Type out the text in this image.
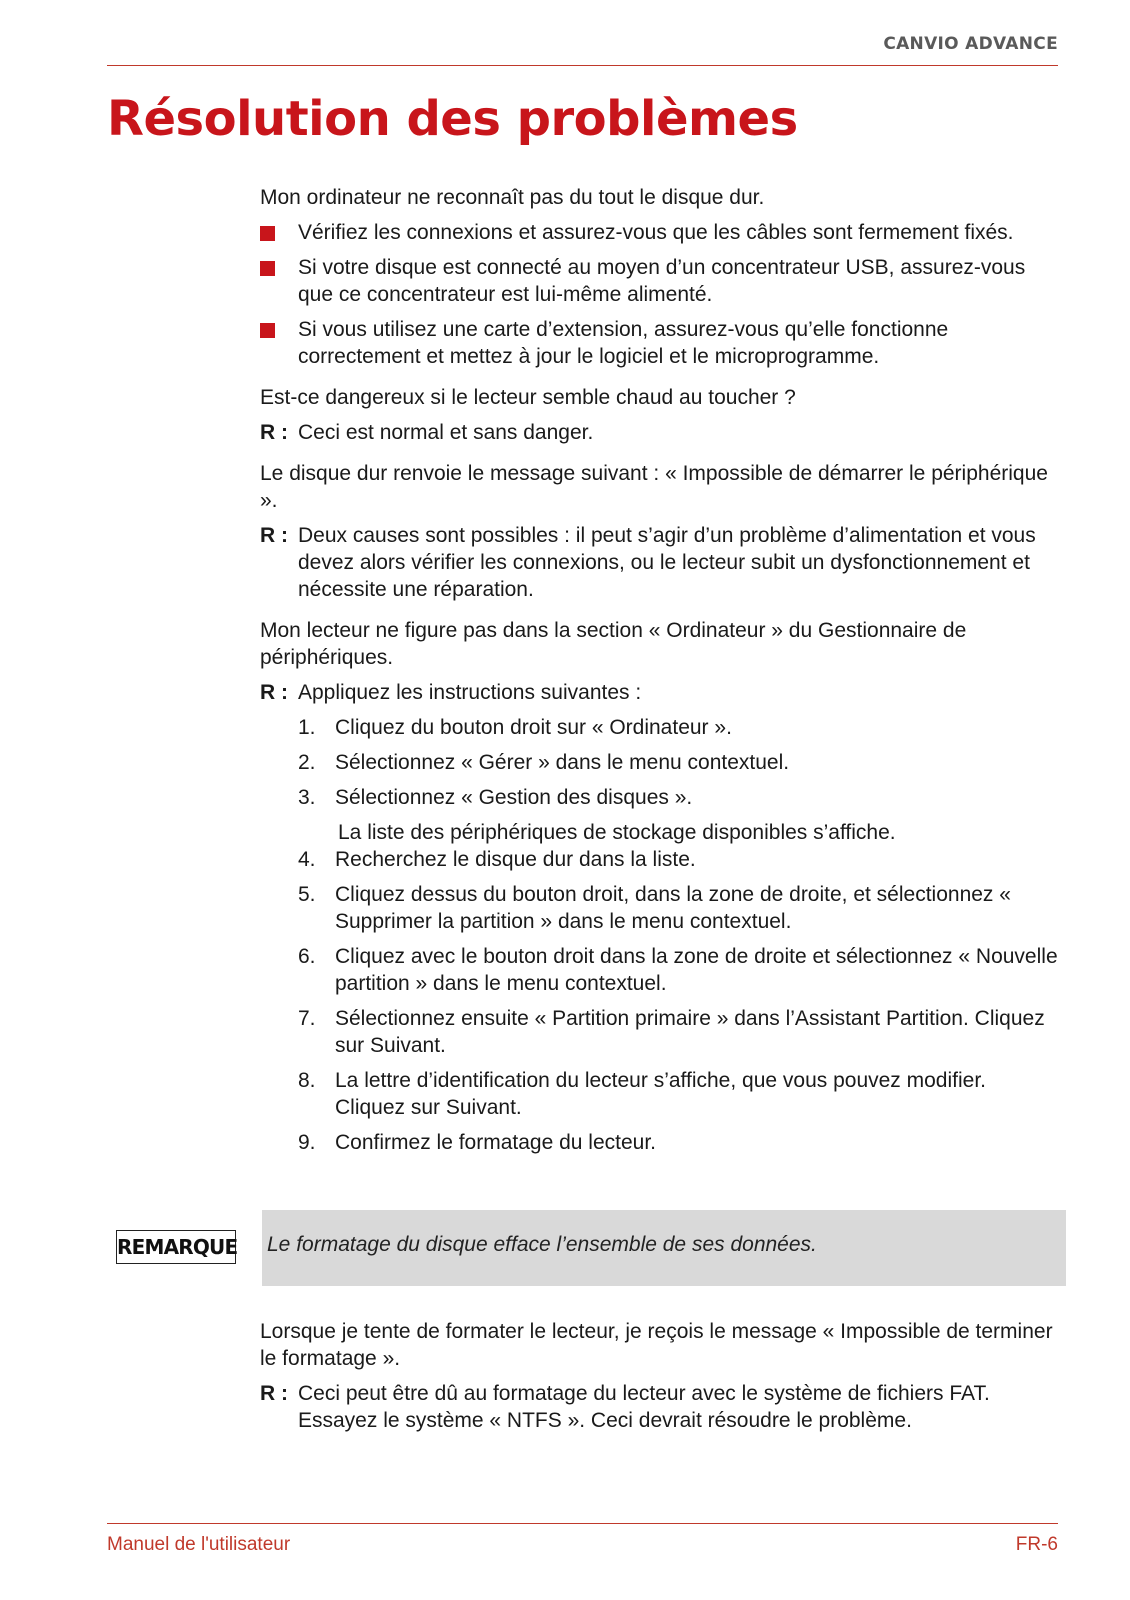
CANVIO ADVANCE
Résolution des problèmes

Mon ordinateur ne reconnaît pas du tout le disque dur.

Vérifiez les connexions et assurez-vous que les câbles sont fermement fixés.
Si votre disque est connecté au moyen d’un concentrateur USB, assurez-vous que ce concentrateur est lui-même alimenté.
Si vous utilisez une carte d’extension, assurez-vous qu’elle fonctionne correctement et mettez à jour le logiciel et le microprogramme.

Est-ce dangereux si le lecteur semble chaud au toucher ?

R : Ceci est normal et sans danger.

Le disque dur renvoie le message suivant : « Impossible de démarrer le périphérique ».

R : Deux causes sont possibles : il peut s’agir d’un problème d’alimentation et vous devez alors vérifier les connexions, ou le lecteur subit un dysfonctionnement et nécessite une réparation.

Mon lecteur ne figure pas dans la section « Ordinateur » du Gestionnaire de périphériques.

R : Appliquez les instructions suivantes :
1. Cliquez du bouton droit sur « Ordinateur ».
2. Sélectionnez « Gérer » dans le menu contextuel.
3. Sélectionnez « Gestion des disques ».

La liste des périphériques de stockage disponibles s’affiche.

4. Recherchez le disque dur dans la liste.
5. Cliquez dessus du bouton droit, dans la zone de droite, et sélectionnez « Supprimer la partition » dans le menu contextuel.
6. Cliquez avec le bouton droit dans la zone de droite et sélectionnez « Nouvelle partition » dans le menu contextuel.
7. Sélectionnez ensuite « Partition primaire » dans l’Assistant Partition. Cliquez sur Suivant.
8. La lettre d’identification du lecteur s’affiche, que vous pouvez modifier. Cliquez sur Suivant.
9. Confirmez le formatage du lecteur.
REMARQUE Le formatage du disque efface l’ensemble de ses données.

Lorsque je tente de formater le lecteur, je reçois le message « Impossible de terminer le formatage ».

R : Ceci peut être dû au formatage du lecteur avec le système de fichiers FAT.
Essayez le système « NTFS ». Ceci devrait résoudre le problème.
Manuel de l'utilisateur	FR-6
